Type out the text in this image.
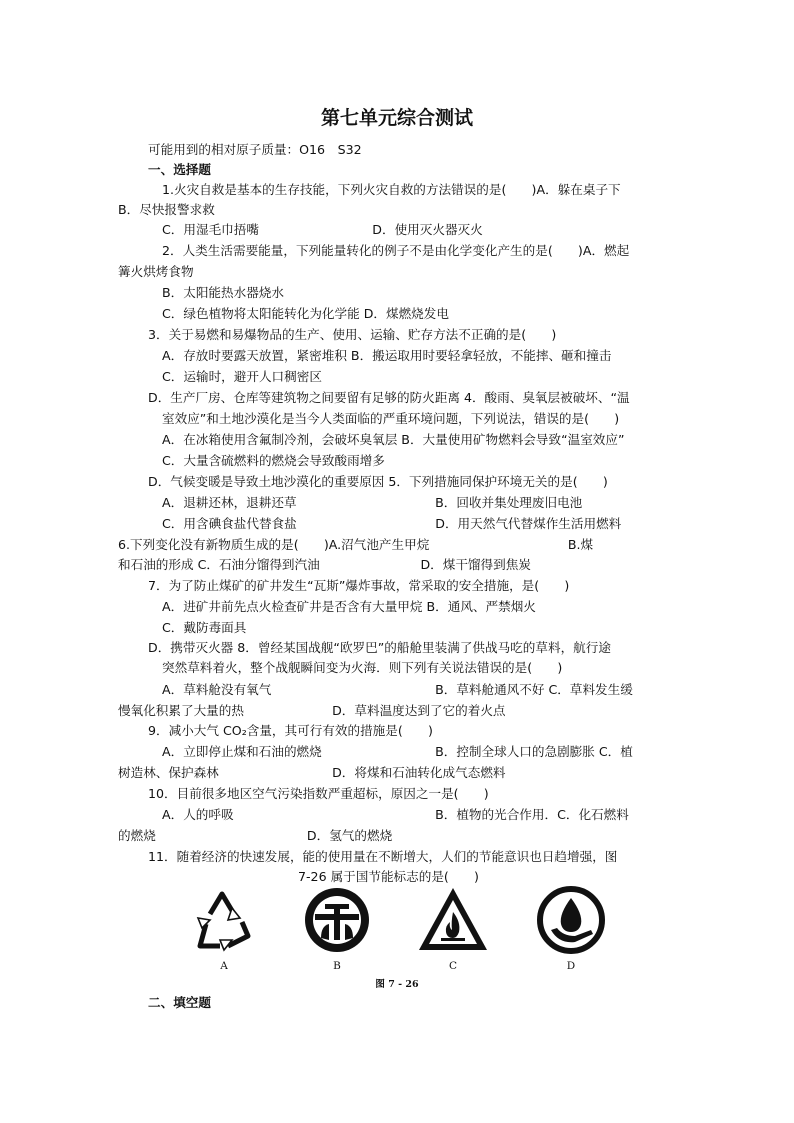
第七单元综合测试
可能用到的相对原子质量：O16　S32
一、选择题
1.火灾自救是基本的生存技能，下列火灾自救的方法错误的是(　　)A．躲在桌子下
B．尽快报警求救
C．用湿毛巾捂嘴　　　　　　　　　D．使用灭火器灭火
2．人类生活需要能量，下列能量转化的例子不是由化学变化产生的是(　　)A．燃起
篝火烘烤食物
B．太阳能热水器烧水
C．绿色植物将太阳能转化为化学能 D．煤燃烧发电
3．关于易燃和易爆物品的生产、使用、运输、贮存方法不正确的是(　　)
A．存放时要露天放置，紧密堆积 B．搬运取用时要轻拿轻放，不能摔、砸和撞击
C．运输时，避开人口稠密区
D．生产厂房、仓库等建筑物之间要留有足够的防火距离 4．酸雨、臭氧层被破坏、“温
室效应”和土地沙漠化是当今人类面临的严重环境问题，下列说法，错误的是(　　)
A．在冰箱使用含氟制冷剂，会破坏臭氧层 B．大量使用矿物燃料会导致“温室效应”
C．大量含硫燃料的燃烧会导致酸雨增多
D．气候变暖是导致土地沙漠化的重要原因 5．下列措施同保护环境无关的是(　　)
A．退耕还林，退耕还草　　　　　　　　　　　B．回收并集处理废旧电池
C．用含碘食盐代替食盐　　　　　　　　　　　D．用天然气代替煤作生活用燃料
6.下列变化没有新物质生成的是(　　)A.沼气池产生甲烷　　　　　　　　　　　B.煤
和石油的形成 C．石油分馏得到汽油　　　　　　　　D．煤干馏得到焦炭
7．为了防止煤矿的矿井发生“瓦斯”爆炸事故，常采取的安全措施，是(　　)
A．进矿井前先点火检查矿井是否含有大量甲烷 B．通风、严禁烟火
C．戴防毒面具
D．携带灭火器 8．曾经某国战舰“欧罗巴”的船舱里装满了供战马吃的草料，航行途
突然草料着火，整个战舰瞬间变为火海．则下列有关说法错误的是(　　)
A．草料舱没有氧气　　　　　　　　　　　　　B．草料舱通风不好 C．草料发生缓
慢氧化积累了大量的热　　　　　　　D．草料温度达到了它的着火点
9．减小大气 CO₂含量，其可行有效的措施是(　　)
A．立即停止煤和石油的燃烧　　　　　　　　　B．控制全球人口的急剧膨胀 C．植
树造林、保护森林　　　　　　　　　D．将煤和石油转化成气态燃料
10．目前很多地区空气污染指数严重超标，原因之一是(　　)
A．人的呼吸　　　　　　　　　　　　　　　　B．植物的光合作用．C．化石燃料
的燃烧　　　　　　　　　　　　D．氢气的燃烧
11．随着经济的快速发展，能的使用量在不断增大，人们的节能意识也日趋增强，图
7-26 属于国节能标志的是(　　)
A	B	C	D
图 7 - 26
二、填空题
